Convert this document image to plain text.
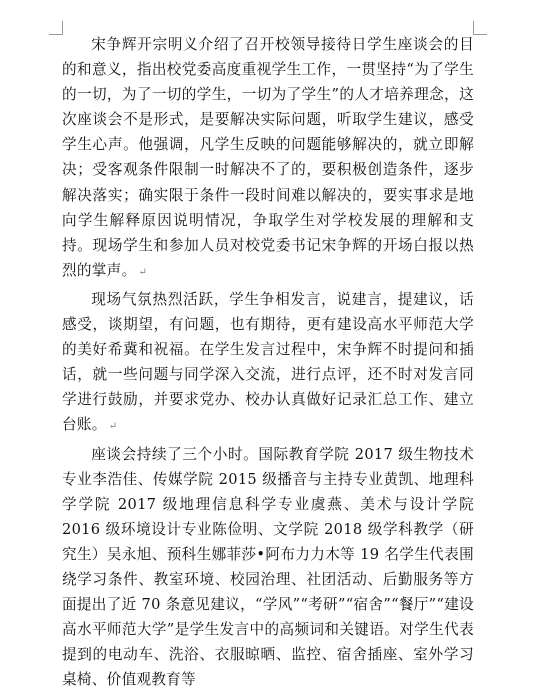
宋争辉开宗明义介绍了召开校领导接待日学生座谈会的目的和意义，指出校党委高度重视学生工作，一贯坚持“为了学生的一切，为了一切的学生，一切为了学生”的人才培养理念，这次座谈会不是形式，是要解决实际问题，听取学生建议，感受学生心声。他强调，凡学生反映的问题能够解决的，就立即解决；受客观条件限制一时解决不了的，要积极创造条件，逐步解决落实；确实限于条件一段时间难以解决的，要实事求是地向学生解释原因说明情况，争取学生对学校发展的理解和支持。现场学生和参加人员对校党委书记宋争辉的开场白报以热烈的掌声。 ↵

现场气氛热烈活跃，学生争相发言，说建言，提建议，话感受，谈期望，有问题，也有期待，更有建设高水平师范大学的美好希冀和祝福。在学生发言过程中，宋争辉不时提问和插话，就一些问题与同学深入交流，进行点评，还不时对发言同学进行鼓励，并要求党办、校办认真做好记录汇总工作、建立台账。 ↵

座谈会持续了三个小时。国际教育学院 2017 级生物技术专业李浩佳、传媒学院 2015 级播音与主持专业黄凯、地理科学学院 2017 级地理信息科学专业虞燕、美术与设计学院 2016 级环境设计专业陈俭明、文学院 2018 级学科教学（研究生）吴永旭、预科生娜菲莎•阿布力力木等 19 名学生代表围绕学习条件、教室环境、校园治理、社团活动、后勤服务等方面提出了近 70 条意见建议，“学风”“考研”“宿舍”“餐厅”“建设高水平师范大学”是学生发言中的高频词和关键语。对学生代表提到的电动车、洗浴、衣服晾晒、监控、宿舍插座、室外学习桌椅、价值观教育等
